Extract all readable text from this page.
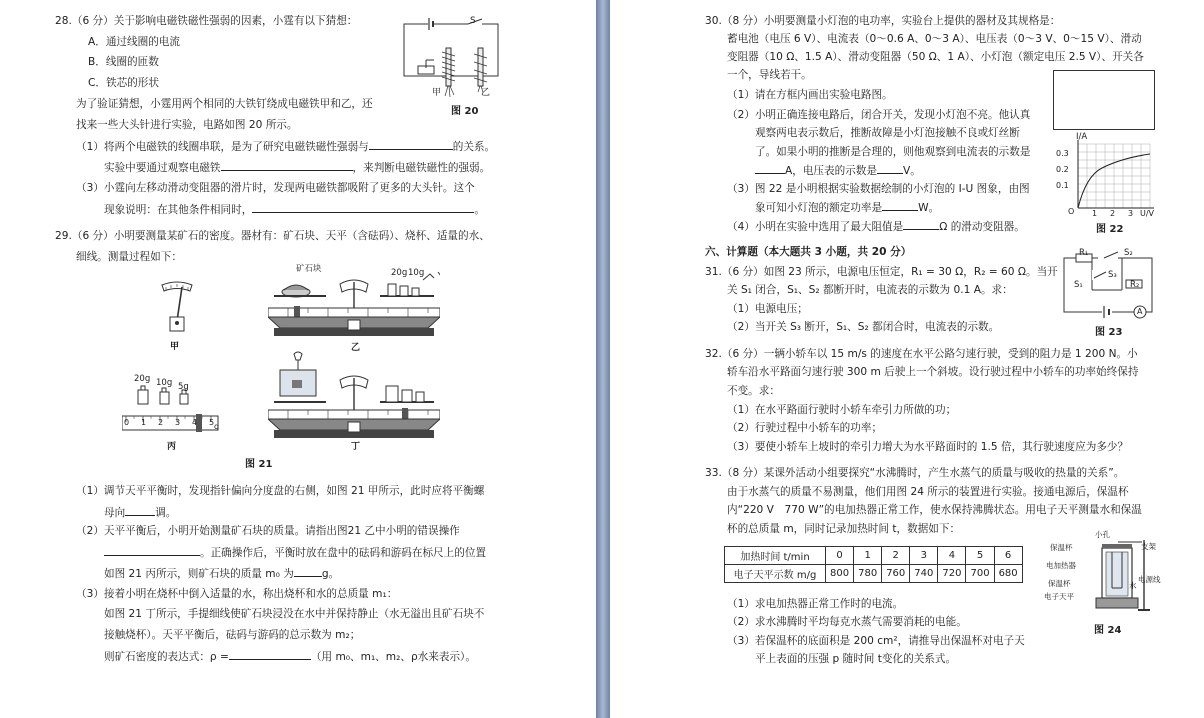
28.（6 分）关于影响电磁铁磁性强弱的因素，小霆有以下猜想：
A．通过线圈的电流
B．线圈的匝数
C．铁芯的形状
为了验证猜想，小霆用两个相同的大铁钉绕成电磁铁甲和乙，还
找来一些大头针进行实验，电路如图 20 所示。
（1）将两个电磁铁的线圈串联，是为了研究电磁铁磁性强弱与	的关系。
实验中要通过观察电磁铁	，来判断电磁铁磁性的强弱。
（3）小霆向左移动滑动变阻器的滑片时，发现两电磁铁都吸附了更多的大头针。这个
现象说明：在其他条件相同时，	。
S
甲	乙
图 20
29.（6 分）小明要测量某矿石的密度。器材有：矿石块、天平（含砝码）、烧杯、适量的水、
细线。测量过程如下：
甲
矿石块	20g 10g
乙
20g 10g 5g
0 1 2 3 4 5 g
丙	丁
图 21
（1）调节天平平衡时，发现指针偏向分度盘的右侧，如图 21 甲所示，此时应将平衡螺
母向	调。
（2）天平平衡后，小明开始测量矿石块的质量。请指出图21 乙中小明的错误操作
。正确操作后，平衡时放在盘中的砝码和游码在标尺上的位置
如图 21 丙所示，则矿石块的质量 m₀ 为	g。
（3）接着小明在烧杯中倒入适量的水，称出烧杯和水的总质量 m₁：
如图 21 丁所示，手提细线使矿石块浸没在水中并保持静止（水无溢出且矿石块不
接触烧杯）。天平平衡后，砝码与游码的总示数为 m₂；
则矿石密度的表达式：ρ =	（用 m₀、m₁、m₂、ρ水来表示）。
30.（8 分）小明要测量小灯泡的电功率，实验台上提供的器材及其规格是：
蓄电池（电压 6 V）、电流表（0～0.6 A、0～3 A）、电压表（0～3 V、0～15 V）、滑动
变阻器（10 Ω、1.5 A）、滑动变阻器（50 Ω、1 A）、小灯泡（额定电压 2.5 V）、开关各
一个，导线若干。
（1）请在方框内画出实验电路图。
（2）小明正确连接电路后，闭合开关，发现小灯泡不亮。他认真
观察两电表示数后，推断故障是小灯泡接触不良或灯丝断
了。如果小明的推断是合理的，则他观察到电流表的示数是
A，电压表的示数是 V。
（3）图 22 是小明根据实验数据绘制的小灯泡的 I-U 图象，由图
象可知小灯泡的额定功率是	W。
（4）小明在实验中选用了最大阻值是	Ω 的滑动变阻器。
I/A
0.3
0.2
0.1
O 1 2 3 U/V
图 22
六、计算题（本大题共 3 小题，共 20 分）
31.（6 分）如图 23 所示，电源电压恒定，R₁ = 30 Ω，R₂ = 60 Ω。当开
关 S₁ 闭合，S₁、S₂ 都断开时，电流表的示数为 0.1 A。求：
（1）电源电压；
（2）当开关 S₃ 断开，S₁、S₂ 都闭合时，电流表的示数。
R₁	S₂
S₃
S₁	R₂
A
图 23
32.（6 分）一辆小轿车以 15 m/s 的速度在水平公路匀速行驶，受到的阻力是 1 200 N。小
轿车沿水平路面匀速行驶 300 m 后驶上一个斜坡。设行驶过程中小轿车的功率始终保持
不变。求：
（1）在水平路面行驶时小轿车牵引力所做的功；
（2）行驶过程中小轿车的功率；
（3）要使小轿车上坡时的牵引力增大为水平路面时的 1.5 倍，其行驶速度应为多少？
33.（8 分）某课外活动小组要探究“水沸腾时，产生水蒸气的质量与吸收的热量的关系”。
由于水蒸气的质量不易测量，他们用图 24 所示的装置进行实验。接通电源后，保温杯
内“220 V　770 W”的电加热器正常工作，使水保持沸腾状态。用电子天平测量水和保温
杯的总质量 m，同时记录加热时间 t，数据如下：
加热时间 t/min	0	1	2	3	4	5	6
电子天平示数 m/g	800	780	760	740	720	700	680
（1）求电加热器正常工作时的电流。
（2）求水沸腾时平均每克水蒸气需要消耗的电能。
（3）若保温杯的底面积是 200 cm²，请推导出保温杯对电子天
平上表面的压强 p 随时间 t变化的关系式。
小孔
保温杯	支架
电加热器
电源线
保温杯	水
电子天平
图 24
